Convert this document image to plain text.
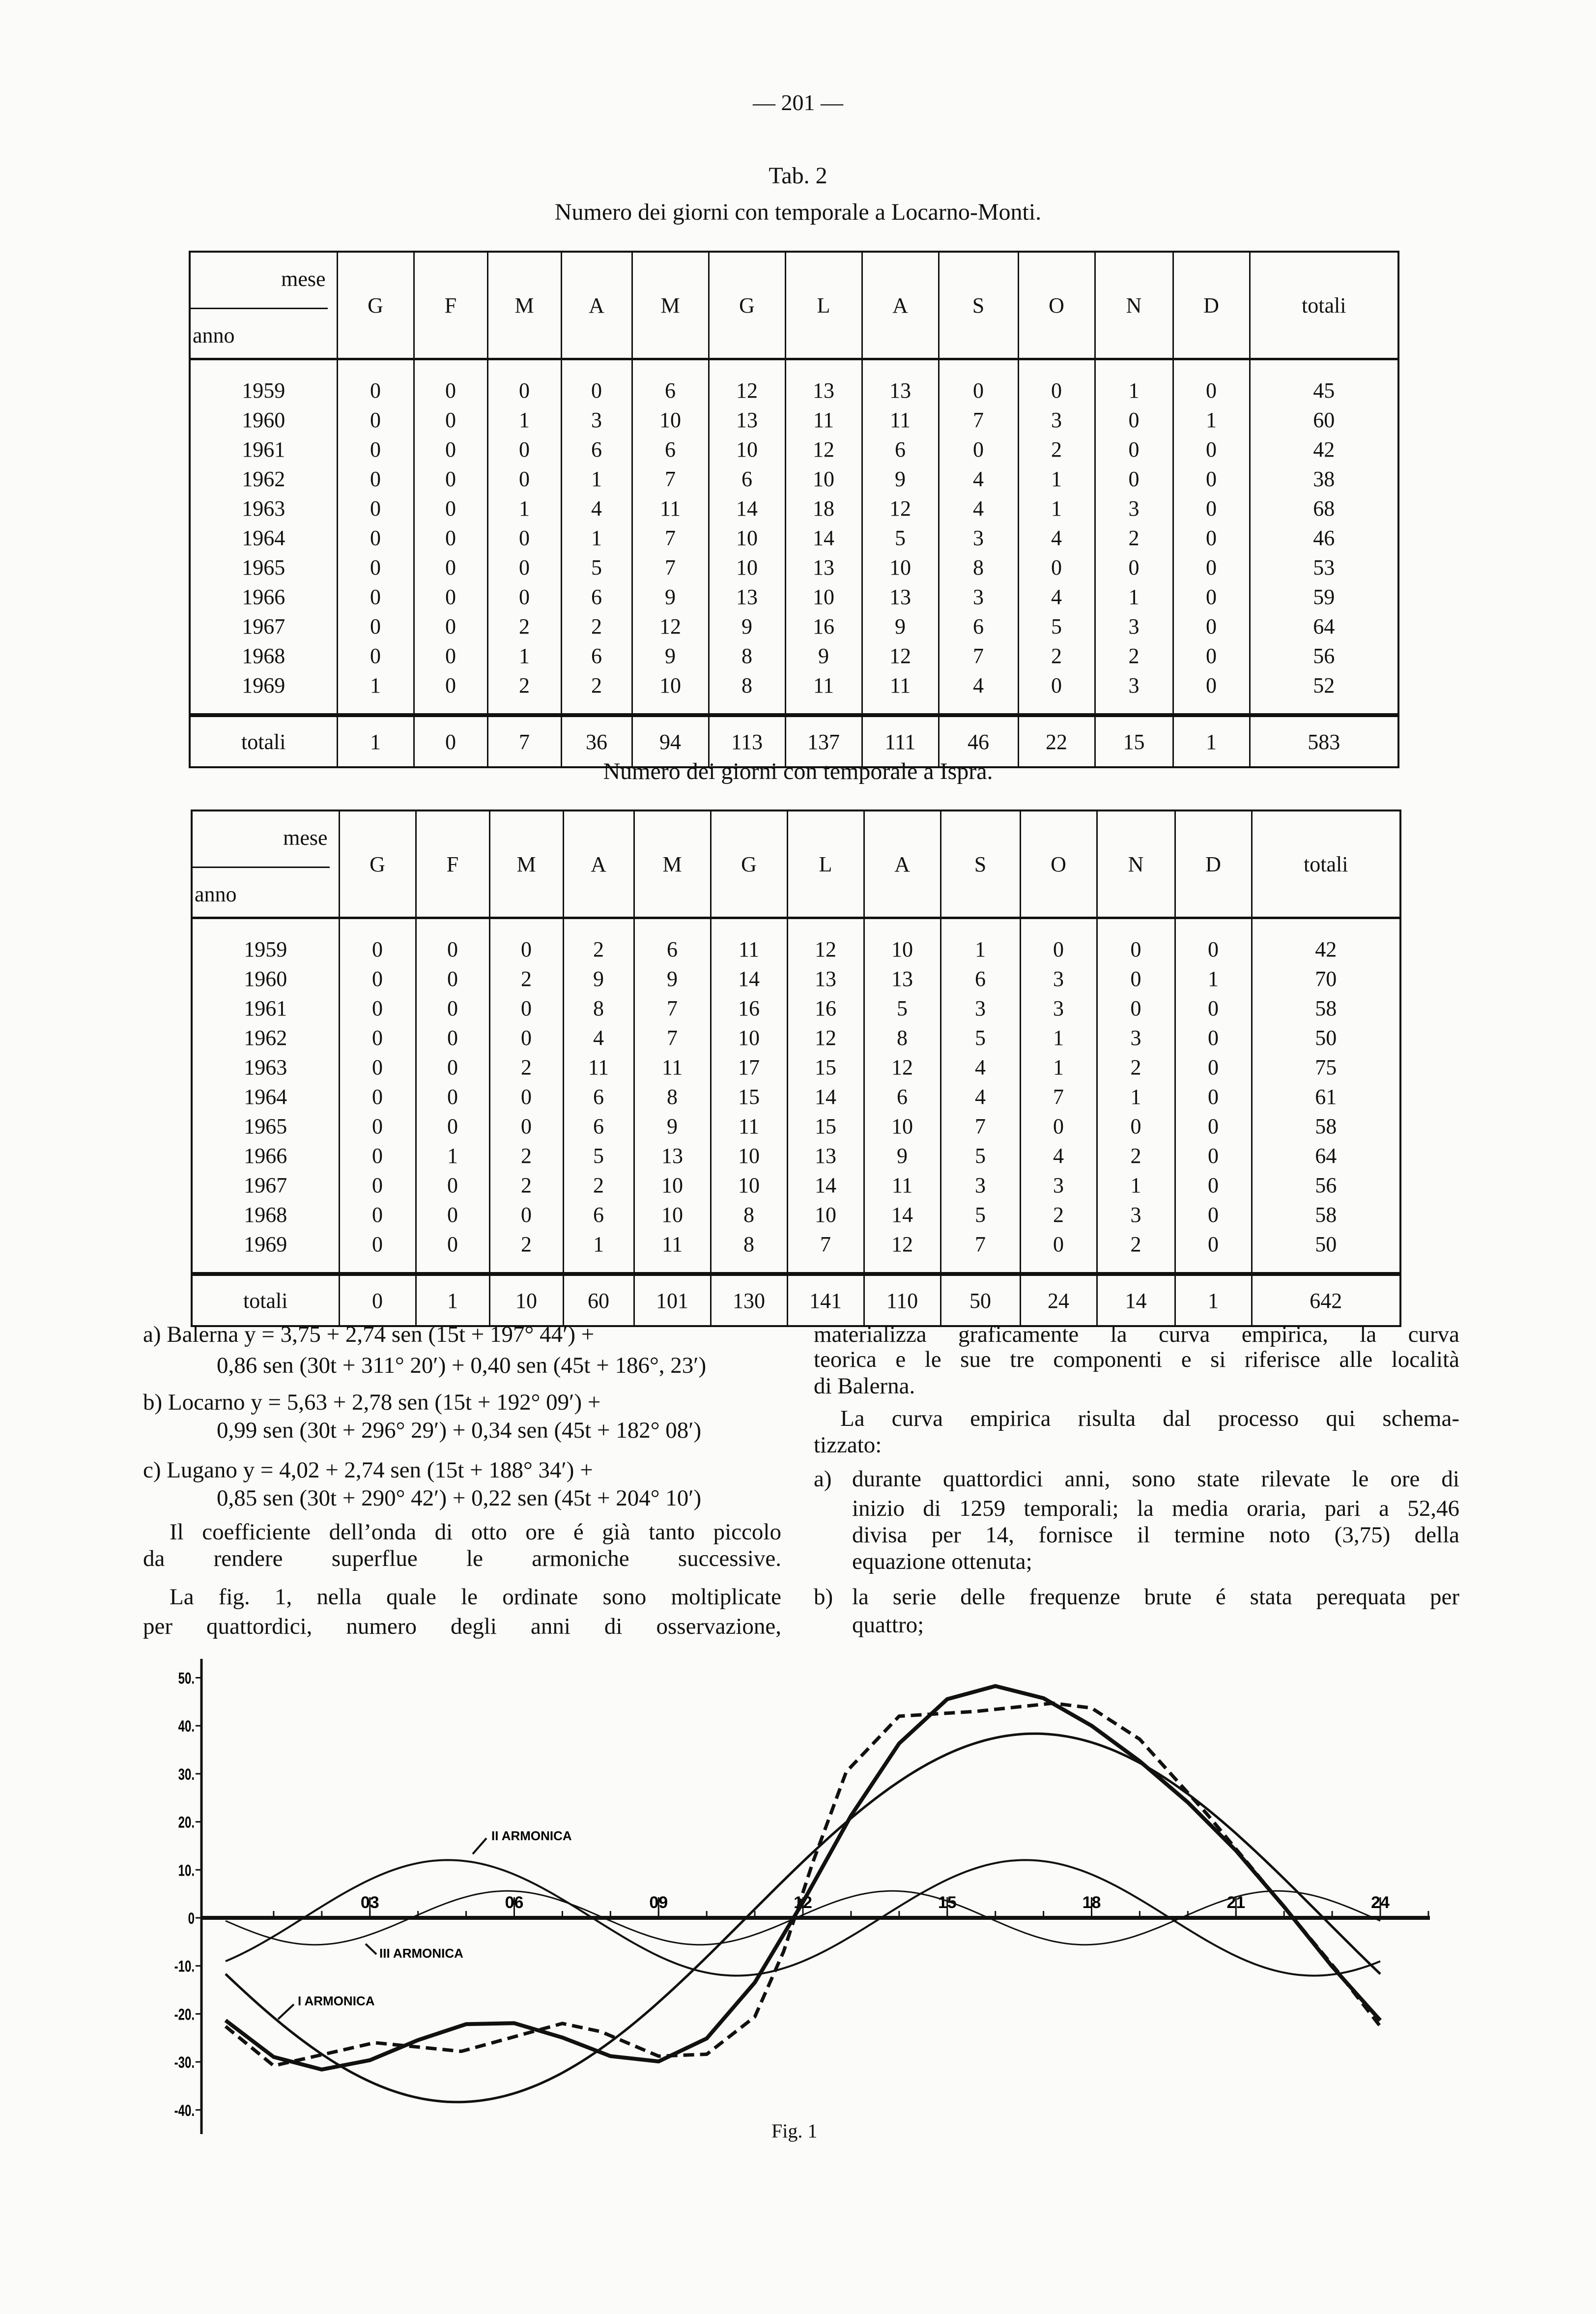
— 201 —
Tab. 2
Numero dei giorni con temporale a Locarno-Monti.
mese
anno	G	F	M	A	M	G	L	A	S	O	N	D	totali
1959	0	0	0	0	6	12	13	13	0	0	1	0	45
1960	0	0	1	3	10	13	11	11	7	3	0	1	60
1961	0	0	0	6	6	10	12	6	0	2	0	0	42
1962	0	0	0	1	7	6	10	9	4	1	0	0	38
1963	0	0	1	4	11	14	18	12	4	1	3	0	68
1964	0	0	0	1	7	10	14	5	3	4	2	0	46
1965	0	0	0	5	7	10	13	10	8	0	0	0	53
1966	0	0	0	6	9	13	10	13	3	4	1	0	59
1967	0	0	2	2	12	9	16	9	6	5	3	0	64
1968	0	0	1	6	9	8	9	12	7	2	2	0	56
1969	1	0	2	2	10	8	11	11	4	0	3	0	52
totali	1	0	7	36	94	113	137	111	46	22	15	1	583
Numero dei giorni con temporale a Ispra.
mese
anno	G	F	M	A	M	G	L	A	S	O	N	D	totali
1959	0	0	0	2	6	11	12	10	1	0	0	0	42
1960	0	0	2	9	9	14	13	13	6	3	0	1	70
1961	0	0	0	8	7	16	16	5	3	3	0	0	58
1962	0	0	0	4	7	10	12	8	5	1	3	0	50
1963	0	0	2	11	11	17	15	12	4	1	2	0	75
1964	0	0	0	6	8	15	14	6	4	7	1	0	61
1965	0	0	0	6	9	11	15	10	7	0	0	0	58
1966	0	1	2	5	13	10	13	9	5	4	2	0	64
1967	0	0	2	2	10	10	14	11	3	3	1	0	56
1968	0	0	0	6	10	8	10	14	5	2	3	0	58
1969	0	0	2	1	11	8	7	12	7	0	2	0	50
totali	0	1	10	60	101	130	141	110	50	24	14	1	642
a) Balerna y = 3,75 + 2,74 sen (15t + 197° 44′) +
0,86 sen (30t + 311° 20′) + 0,40 sen (45t + 186°, 23′)
b) Locarno y = 5,63 + 2,78 sen (15t + 192° 09′) +
0,99 sen (30t + 296° 29′) + 0,34 sen (45t + 182° 08′)
c) Lugano y = 4,02 + 2,74 sen (15t + 188° 34′) +
0,85 sen (30t + 290° 42′) + 0,22 sen (45t + 204° 10′)
Il coefficiente dell’onda di otto ore é già tanto piccolo
da rendere superflue le armoniche successive.
La fig. 1, nella quale le ordinate sono moltiplicate
per quattordici, numero degli anni di osservazione,
materializza graficamente la curva empirica, la curva
teorica e le sue tre componenti e si riferisce alle località
di Balerna.
La curva empirica risulta dal processo qui schema-
tizzato:
a) durante quattordici anni, sono state rilevate le ore di
inizio di 1259 temporali; la media oraria, pari a 52,46
divisa per 14, fornisce il termine noto (3,75) della
equazione ottenuta;
b) la serie delle frequenze brute é stata perequata per
quattro;
50.
40.
30.
20.
10.
0
-10.
-20.
-30.
-40.
03	06	09	12	15	18	21	24
II ARMONICA
III ARMONICA
I ARMONICA
Fig. 1
